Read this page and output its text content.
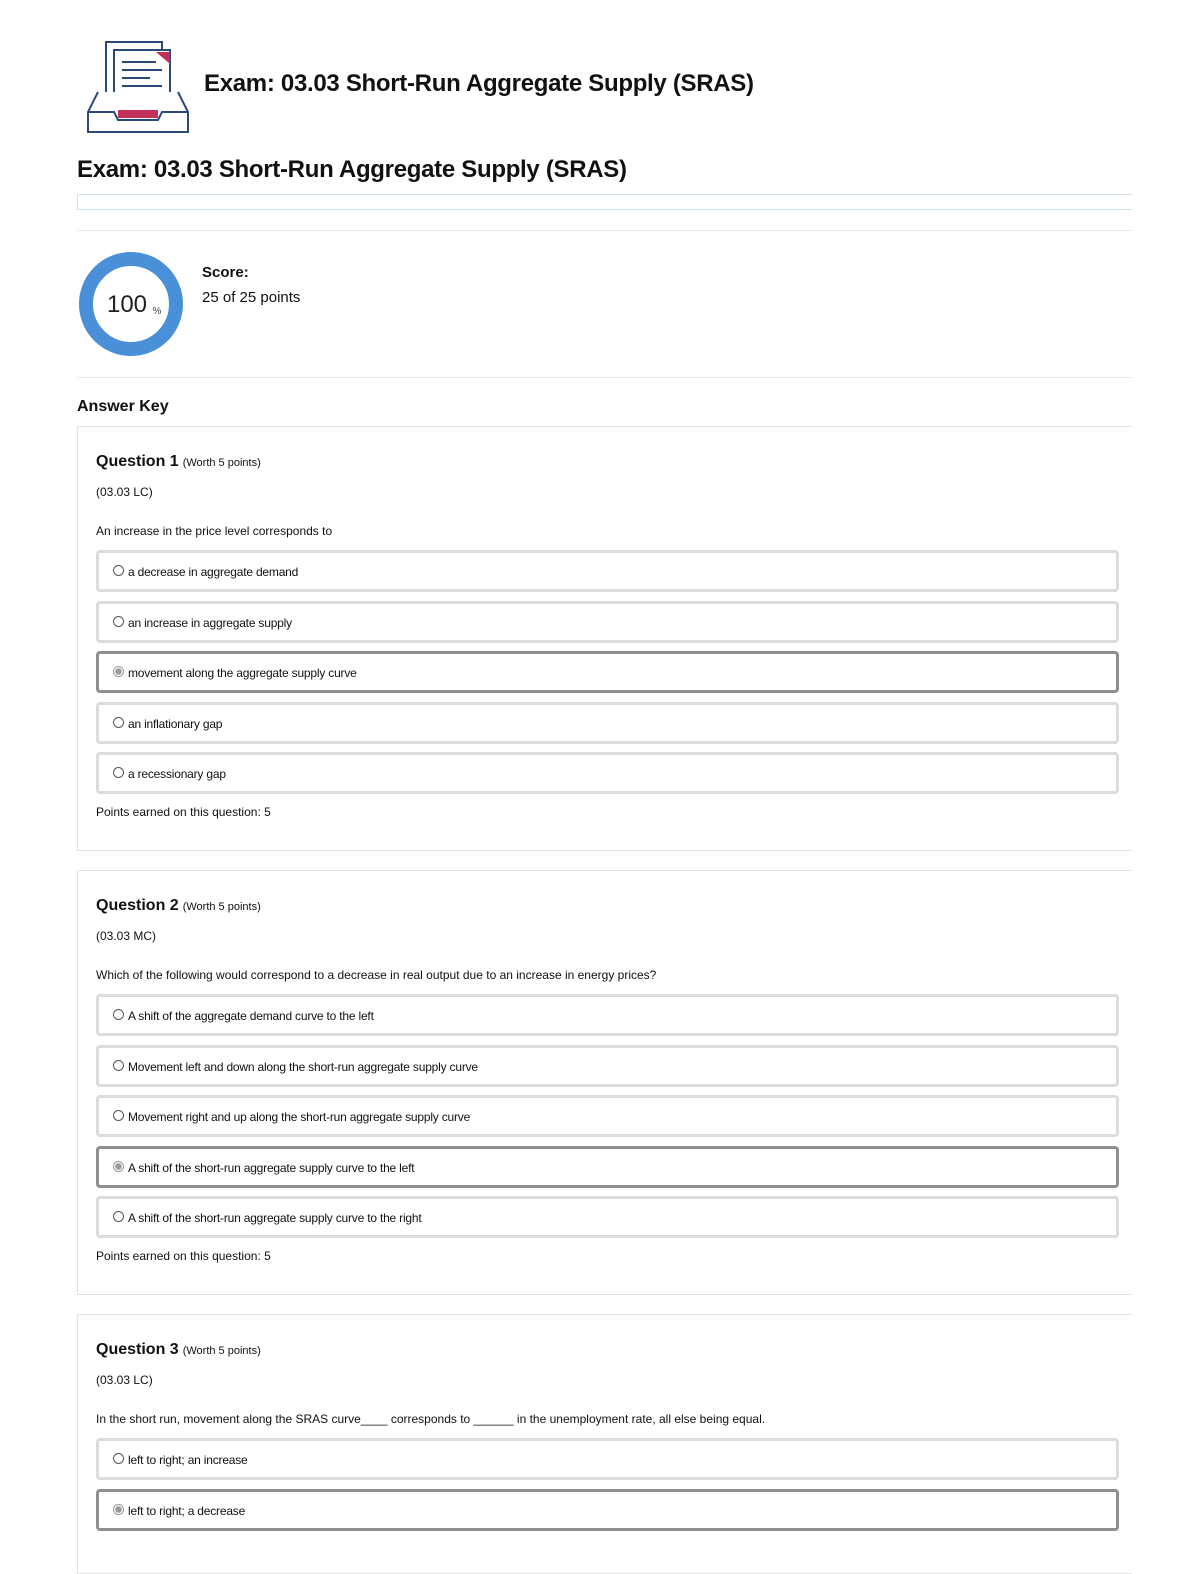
Exam: 03.03 Short-Run Aggregate Supply (SRAS)
Exam: 03.03 Short-Run Aggregate Supply (SRAS)
100 %
Score:
25 of 25 points
Answer Key
Question 1 (Worth 5 points)
(03.03 LC)
An increase in the price level corresponds to
a decrease in aggregate demand
an increase in aggregate supply
movement along the aggregate supply curve
an inflationary gap
a recessionary gap
Points earned on this question: 5
Question 2 (Worth 5 points)
(03.03 MC)
Which of the following would correspond to a decrease in real output due to an increase in energy prices?
A shift of the aggregate demand curve to the left
Movement left and down along the short-run aggregate supply curve
Movement right and up along the short-run aggregate supply curve
A shift of the short-run aggregate supply curve to the left
A shift of the short-run aggregate supply curve to the right
Points earned on this question: 5
Question 3 (Worth 5 points)
(03.03 LC)
In the short run, movement along the SRAS curve____ corresponds to ______ in the unemployment rate, all else being equal.
left to right; an increase
left to right; a decrease
